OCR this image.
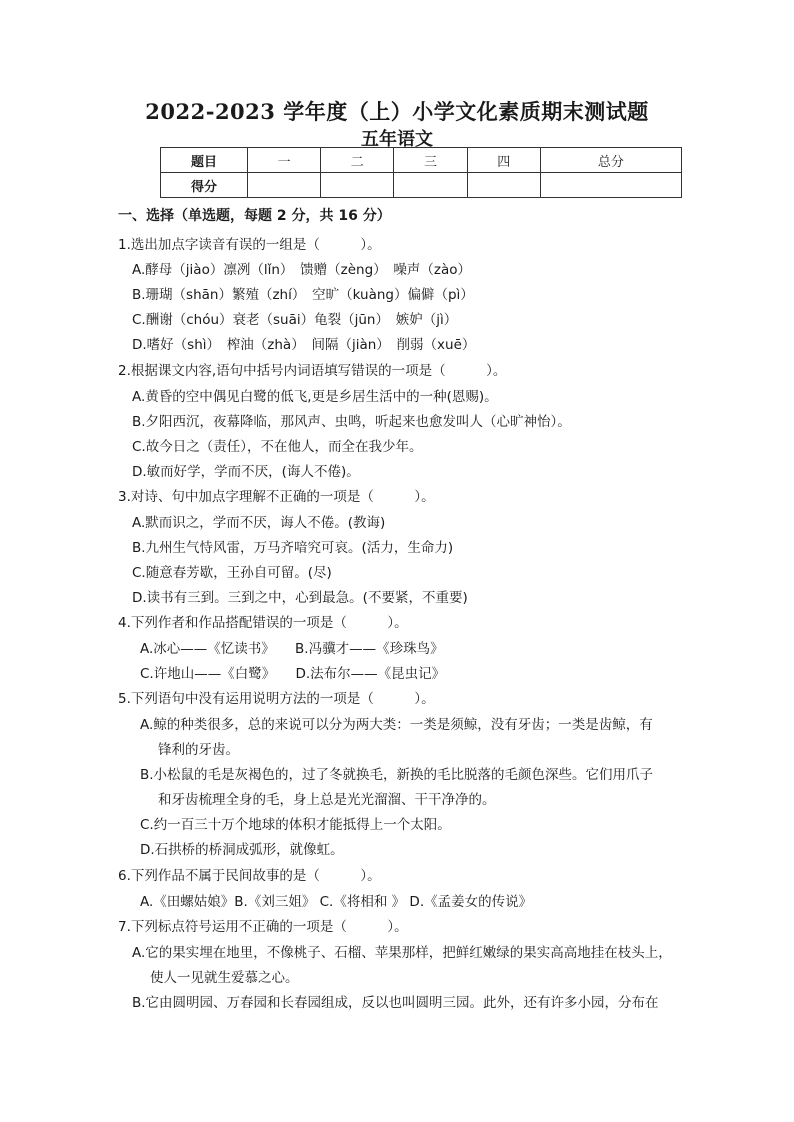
2022-2023 学年度（上）小学文化素质期末测试题
五年语文
题目	一	二	三	四	总分
得分					
一、选择（单选题，每题 2 分，共 16 分）
1.选出加点字读音有误的一组是（　　　）。
A.酵母（jiào）凛冽（lǐn）　馈赠（zèng）　噪声（zào）
B.珊瑚（shān）繁殖（zhí）　空旷（kuàng）偏僻（pì）
C.酬谢（chóu）衰老（suāi）龟裂（jūn）　嫉妒（jì）
D.嗜好（shì）　榨油（zhà）　间隔（jiàn）　削弱（xuē）
2.根据课文内容,语句中括号内词语填写错误的一项是（　　　）。
A.黄昏的空中偶见白鹭的低飞,更是乡居生活中的一种(恩赐)。
B.夕阳西沉，夜幕降临，那风声、虫鸣，听起来也愈发叫人（心旷神怡）。
C.故今日之（责任），不在他人，而全在我少年。
D.敏而好学，学而不厌，(诲人不倦)。
3.对诗、句中加点字理解不正确的一项是（　　　）。
A.默而识之，学而不厌，诲人不倦。(教诲)
B.九州生气恃风雷，万马齐喑究可哀。(活力，生命力)
C.随意春芳歇，王孙自可留。(尽)
D.读书有三到。三到之中，心到最急。(不要紧，不重要)
4.下列作者和作品搭配错误的一项是（　　　）。
A.冰心——《忆读书》　　B.冯骥才——《珍珠鸟》
C.许地山——《白鹭》　　D.法布尔——《昆虫记》
5.下列语句中没有运用说明方法的一项是（　　　）。
A.鲸的种类很多，总的来说可以分为两大类：一类是须鲸，没有牙齿；一类是齿鲸，有
锋利的牙齿。
B.小松鼠的毛是灰褐色的，过了冬就换毛，新换的毛比脱落的毛颜色深些。它们用爪子
和牙齿梳理全身的毛，身上总是光光溜溜、干干净净的。
C.约一百三十万个地球的体积才能抵得上一个太阳。
D.石拱桥的桥洞成弧形，就像虹。
6.下列作品不属于民间故事的是（　　　）。
A.《田螺姑娘》B.《刘三姐》 C.《将相和 》 D.《孟姜女的传说》
7.下列标点符号运用不正确的一项是（　　　）。
A.它的果实埋在地里，不像桃子、石榴、苹果那样，把鲜红嫩绿的果实高高地挂在枝头上，
使人一见就生爱慕之心。
B.它由圆明园、万春园和长春园组成，反以也叫圆明三园。此外，还有许多小园，分布在
